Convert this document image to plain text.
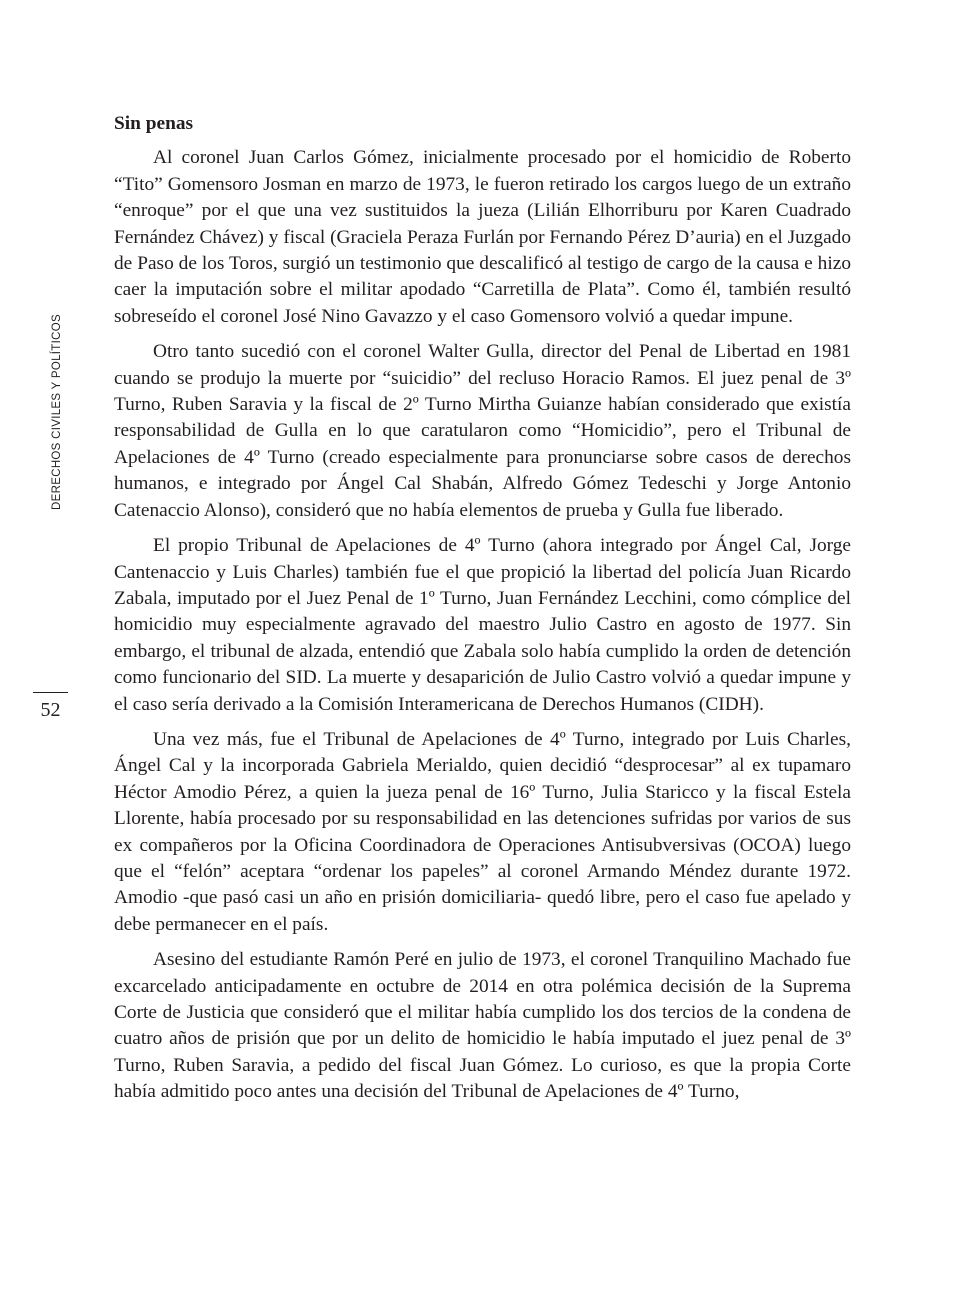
DERECHOS CIVILES Y POLÍTICOS
52
Sin penas

Al coronel Juan Carlos Gómez, inicialmente procesado por el homicidio de Roberto “Tito” Gomensoro Josman en marzo de 1973, le fueron retirado los cargos luego de un extraño “enroque” por el que una vez sustituidos la jueza (Lilián Elhorriburu por Karen Cuadrado Fernández Chávez) y fiscal (Graciela Peraza Furlán por Fernando Pérez D’auria) en el Juzgado de Paso de los Toros, surgió un testimonio que descalificó al testigo de cargo de la causa e hizo caer la imputación sobre el militar apodado “Carretilla de Plata”. Como él, también resultó sobreseído el coronel José Nino Gavazzo y el caso Gomensoro volvió a quedar impune.

Otro tanto sucedió con el coronel Walter Gulla, director del Penal de Libertad en 1981 cuando se produjo la muerte por “suicidio” del recluso Horacio Ramos. El juez penal de 3º Turno, Ruben Saravia y la fiscal de 2º Turno Mirtha Guianze habían considerado que existía responsabilidad de Gulla en lo que caratularon como “Homicidio”, pero el Tribunal de Apelaciones de 4º Turno (creado especialmente para pronunciarse sobre casos de derechos humanos, e integrado por Ángel Cal Shabán, Alfredo Gómez Tedeschi y Jorge Antonio Catenaccio Alonso), consideró que no había elementos de prueba y Gulla fue liberado.

El propio Tribunal de Apelaciones de 4º Turno (ahora integrado por Ángel Cal, Jorge Cantenaccio y Luis Charles) también fue el que propició la libertad del policía Juan Ricardo Zabala, imputado por el Juez Penal de 1º Turno, Juan Fernández Lecchini, como cómplice del homicidio muy especialmente agravado del maestro Julio Castro en agosto de 1977. Sin embargo, el tribunal de alzada, entendió que Zabala solo había cumplido la orden de detención como funcionario del SID. La muerte y desaparición de Julio Castro volvió a quedar impune y el caso sería derivado a la Comisión Interamericana de Derechos Humanos (CIDH).

Una vez más, fue el Tribunal de Apelaciones de 4º Turno, integrado por Luis Charles, Ángel Cal y la incorporada Gabriela Merialdo, quien decidió “desprocesar” al ex tupamaro Héctor Amodio Pérez, a quien la jueza penal de 16º Turno, Julia Staricco y la fiscal Estela Llorente, había procesado por su responsabilidad en las detenciones sufridas por varios de sus ex compañeros por la Oficina Coordinadora de Operaciones Antisubversivas (OCOA) luego que el “felón” aceptara “ordenar los papeles” al coronel Armando Méndez durante 1972. Amodio -que pasó casi un año en prisión domiciliaria- quedó libre, pero el caso fue apelado y debe permanecer en el país.

Asesino del estudiante Ramón Peré en julio de 1973, el coronel Tranquilino Machado fue excarcelado anticipadamente en octubre de 2014 en otra polémica decisión de la Suprema Corte de Justicia que consideró que el militar había cumplido los dos tercios de la condena de cuatro años de prisión que por un delito de homicidio le había imputado el juez penal de 3º Turno, Ruben Saravia, a pedido del fiscal Juan Gómez. Lo curioso, es que la propia Corte había admitido poco antes una decisión del Tribunal de Apelaciones de 4º Turno,
